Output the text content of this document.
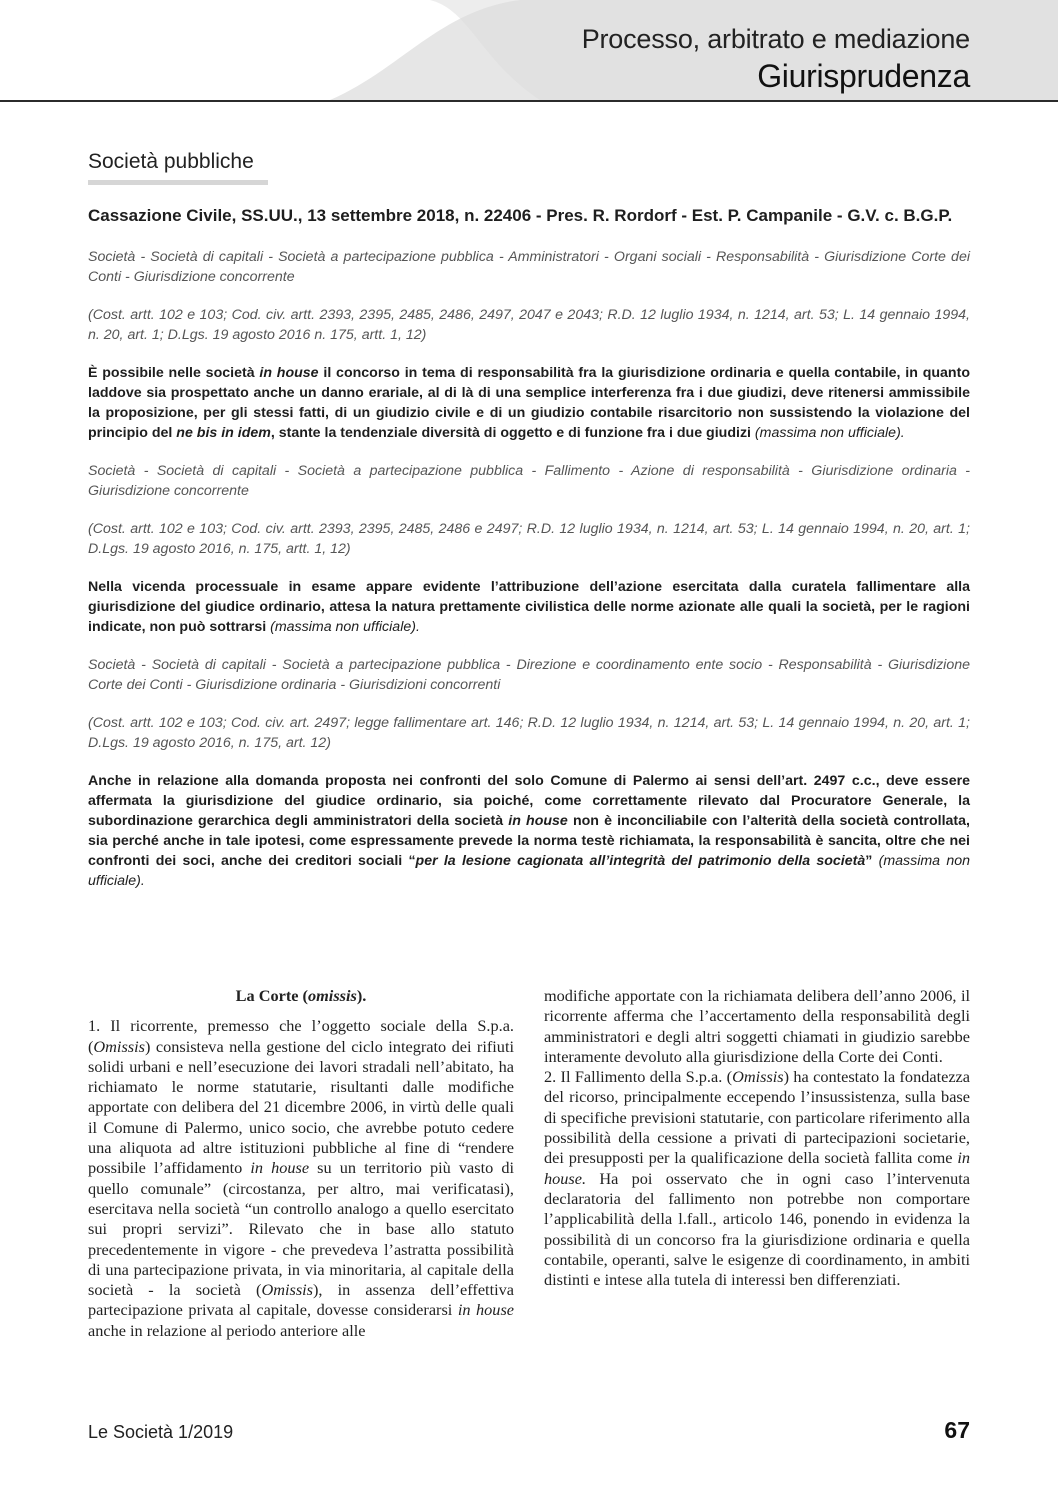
Processo, arbitrato e mediazione
Giurisprudenza
Società pubbliche
Cassazione Civile, SS.UU., 13 settembre 2018, n. 22406 - Pres. R. Rordorf - Est. P. Campanile - G.V. c. B.G.P.
Società - Società di capitali - Società a partecipazione pubblica - Amministratori - Organi sociali - Responsabilità - Giurisdizione Corte dei Conti - Giurisdizione concorrente
(Cost. artt. 102 e 103; Cod. civ. artt. 2393, 2395, 2485, 2486, 2497, 2047 e 2043; R.D. 12 luglio 1934, n. 1214, art. 53; L. 14 gennaio 1994, n. 20, art. 1; D.Lgs. 19 agosto 2016 n. 175, artt. 1, 12)
È possibile nelle società in house il concorso in tema di responsabilità fra la giurisdizione ordinaria e quella contabile, in quanto laddove sia prospettato anche un danno erariale, al di là di una semplice interferenza fra i due giudizi, deve ritenersi ammissibile la proposizione, per gli stessi fatti, di un giudizio civile e di un giudizio contabile risarcitorio non sussistendo la violazione del principio del ne bis in idem, stante la tendenziale diversità di oggetto e di funzione fra i due giudizi (massima non ufficiale).
Società - Società di capitali - Società a partecipazione pubblica - Fallimento - Azione di responsabilità - Giurisdizione ordinaria - Giurisdizione concorrente
(Cost. artt. 102 e 103; Cod. civ. artt. 2393, 2395, 2485, 2486 e 2497; R.D. 12 luglio 1934, n. 1214, art. 53; L. 14 gennaio 1994, n. 20, art. 1; D.Lgs. 19 agosto 2016, n. 175, artt. 1, 12)
Nella vicenda processuale in esame appare evidente l’attribuzione dell’azione esercitata dalla curatela fallimentare alla giurisdizione del giudice ordinario, attesa la natura prettamente civilistica delle norme azionate alle quali la società, per le ragioni indicate, non può sottrarsi (massima non ufficiale).
Società - Società di capitali - Società a partecipazione pubblica - Direzione e coordinamento ente socio - Responsabilità - Giurisdizione Corte dei Conti - Giurisdizione ordinaria - Giurisdizioni concorrenti
(Cost. artt. 102 e 103; Cod. civ. art. 2497; legge fallimentare art. 146; R.D. 12 luglio 1934, n. 1214, art. 53; L. 14 gennaio 1994, n. 20, art. 1; D.Lgs. 19 agosto 2016, n. 175, art. 12)
Anche in relazione alla domanda proposta nei confronti del solo Comune di Palermo ai sensi dell’art. 2497 c.c., deve essere affermata la giurisdizione del giudice ordinario, sia poiché, come correttamente rilevato dal Procuratore Generale, la subordinazione gerarchica degli amministratori della società in house non è inconciliabile con l’alterità della società controllata, sia perché anche in tale ipotesi, come espressamente prevede la norma testè richiamata, la responsabilità è sancita, oltre che nei confronti dei soci, anche dei creditori sociali “per la lesione cagionata all’integrità del patrimonio della società” (massima non ufficiale).
La Corte (omissis).

1. Il ricorrente, premesso che l’oggetto sociale della S.p.a. (Omissis) consisteva nella gestione del ciclo integrato dei rifiuti solidi urbani e nell’esecuzione dei lavori stradali nell’abitato, ha richiamato le norme statutarie, risultanti dalle modifiche apportate con delibera del 21 dicembre 2006, in virtù delle quali il Comune di Palermo, unico socio, che avrebbe potuto cedere una aliquota ad altre istituzioni pubbliche al fine di “rendere possibile l’affidamento in house su un territorio più vasto di quello comunale” (circostanza, per altro, mai verificatasi), esercitava nella società “un controllo analogo a quello esercitato sui propri servizi”. Rilevato che in base allo statuto precedentemente in vigore - che prevedeva l’astratta possibilità di una partecipazione privata, in via minoritaria, al capitale della società - la società (Omissis), in assenza dell’effettiva partecipazione privata al capitale, dovesse considerarsi in house anche in relazione al periodo anteriore alle

modifiche apportate con la richiamata delibera dell’anno 2006, il ricorrente afferma che l’accertamento della responsabilità degli amministratori e degli altri soggetti chiamati in giudizio sarebbe interamente devoluto alla giurisdizione della Corte dei Conti.

2. Il Fallimento della S.p.a. (Omissis) ha contestato la fondatezza del ricorso, principalmente eccependo l’insussistenza, sulla base di specifiche previsioni statutarie, con particolare riferimento alla possibilità della cessione a privati di partecipazioni societarie, dei presupposti per la qualificazione della società fallita come in house. Ha poi osservato che in ogni caso l’intervenuta declaratoria del fallimento non potrebbe non comportare l’applicabilità della l.fall., articolo 146, ponendo in evidenza la possibilità di un concorso fra la giurisdizione ordinaria e quella contabile, operanti, salve le esigenze di coordinamento, in ambiti distinti e intese alla tutela di interessi ben differenziati.

Le Società 1/2019	67
